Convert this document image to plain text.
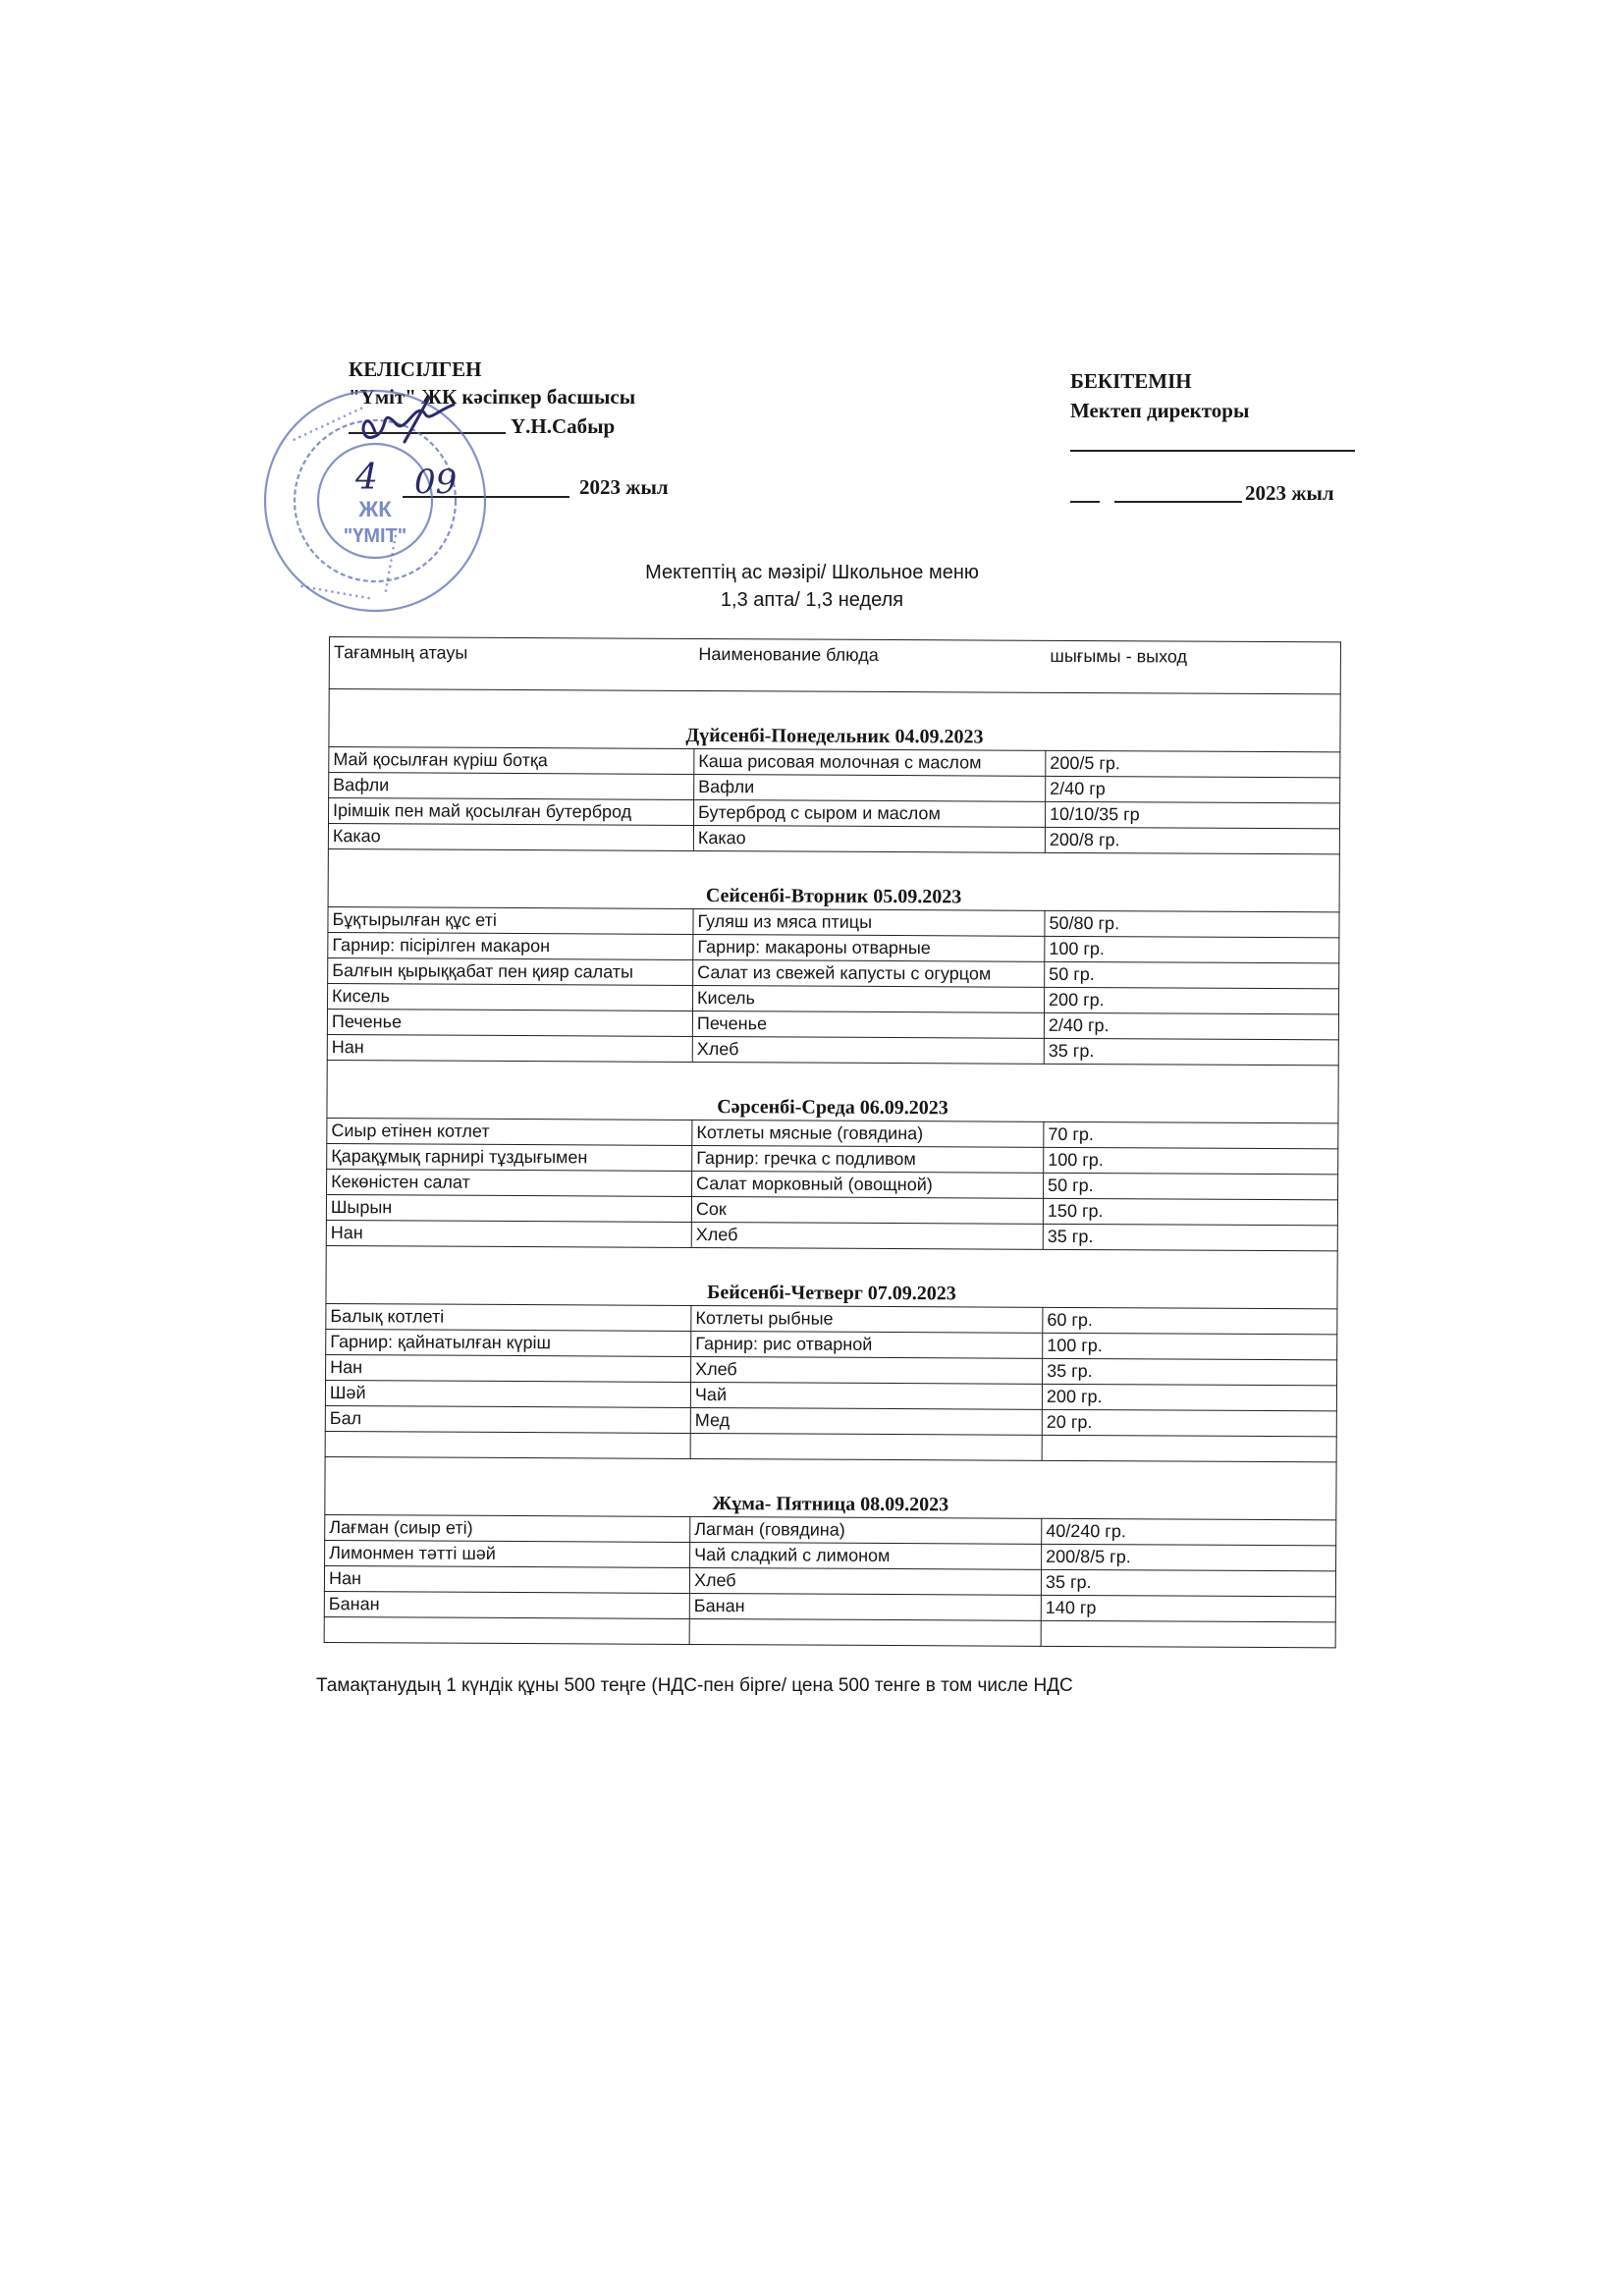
КЕЛІСІЛГЕН
"Үміт" ЖК кәсіпкер басшысы
Ү.Н.Сабыр
2023 жыл
• • • • • • • • • • • • •
• • • • • • • • • •
• • • • • • • • • • • •
ЖК
"ҮМІТ"
4 09
БЕКІТЕМІН
Мектеп директоры
2023 жыл
Мектептің ас мәзірі/ Школьное меню
1,3 апта/ 1,3 неделя
Тағамның атауы	Наименование блюда	шығымы - выход
Дүйсенбі-Понедельник 04.09.2023		
Май қосылған күріш ботқа	Каша рисовая молочная с маслом	200/5 гр.
Вафли	Вафли	2/40 гр
Ірімшік пен май қосылған бутерброд	Бутерброд с сыром и маслом	10/10/35 гр
Какао	Какао	200/8 гр.
Сейсенбі-Вторник 05.09.2023		
Бұқтырылған құс еті	Гуляш из мяса птицы	50/80 гр.
Гарнир: пісірілген макарон	Гарнир: макароны отварные	100 гр.
Балғын қырыққабат пен қияр салаты	Салат из свежей капусты с огурцом	50 гр.
Кисель	Кисель	200 гр.
Печенье	Печенье	2/40 гр.
Нан	Хлеб	35 гр.
Сәрсенбі-Среда 06.09.2023		
Сиыр етінен котлет	Котлеты мясные (говядина)	70 гр.
Қарақұмық гарнирі тұздығымен	Гарнир: гречка с подливом	100 гр.
Кекөністен салат	Салат морковный (овощной)	50 гр.
Шырын	Сок	150 гр.
Нан	Хлеб	35 гр.
Бейсенбі-Четверг 07.09.2023		
Балық котлеті	Котлеты рыбные	60 гр.
Гарнир: қайнатылған күріш	Гарнир: рис отварной	100 гр.
Нан	Хлеб	35 гр.
Шәй	Чай	200 гр.
Бал	Мед	20 гр.

Жұма- Пятница 08.09.2023		
Лағман (сиыр еті)	Лагман (говядина)	40/240 гр.
Лимонмен тәтті шәй	Чай сладкий с лимоном	200/8/5 гр.
Нан	Хлеб	35 гр.
Банан	Банан	140 гр

Тамақтанудың 1 күндік құны 500 теңге (НДС-пен бірге/ цена 500 тенге в том числе НДС
